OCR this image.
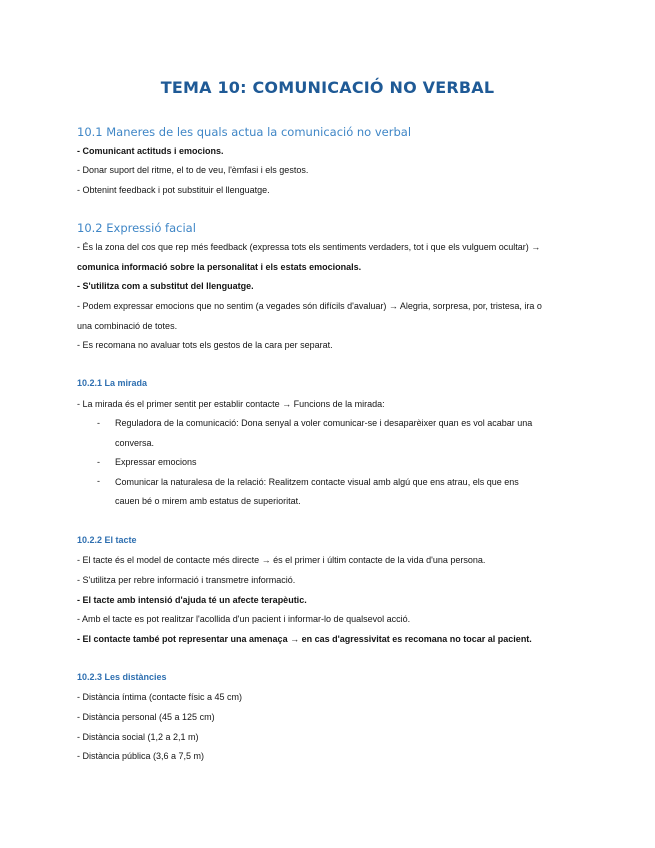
TEMA 10: COMUNICACIÓ NO VERBAL
10.1 Maneres de les quals actua la comunicació no verbal
- Comunicant actituds i emocions.
- Donar suport del ritme, el to de veu, l'èmfasi i els gestos.
- Obtenint feedback i pot substituir el llenguatge.
10.2 Expressió facial
- És la zona del cos que rep més feedback (expressa tots els sentiments verdaders, tot i que els vulguem ocultar) →
comunica informació sobre la personalitat i els estats emocionals.
- S'utilitza com a substitut del llenguatge.
- Podem expressar emocions que no sentim (a vegades són difícils d'avaluar) → Alegria, sorpresa, por, tristesa, ira o
una combinació de totes.
- Es recomana no avaluar tots els gestos de la cara per separat.
10.2.1 La mirada
- La mirada és el primer sentit per establir contacte → Funcions de la mirada:
- Reguladora de la comunicació: Dona senyal a voler comunicar-se i desaparèixer quan es vol acabar una
conversa.
- Expressar emocions
- Comunicar la naturalesa de la relació: Realitzem contacte visual amb algú que ens atrau, els que ens
cauen bé o mirem amb estatus de superioritat.
10.2.2 El tacte
- El tacte és el model de contacte més directe → és el primer i últim contacte de la vida d'una persona.
- S'utilitza per rebre informació i transmetre informació.
- El tacte amb intensió d'ajuda té un afecte terapèutic.
- Amb el tacte es pot realitzar l'acollida d'un pacient i informar-lo de qualsevol acció.
- El contacte també pot representar una amenaça → en cas d'agressivitat es recomana no tocar al pacient.
10.2.3 Les distàncies
- Distància íntima (contacte físic a 45 cm)
- Distància personal (45 a 125 cm)
- Distància social (1,2 a 2,1 m)
- Distància pública (3,6 a 7,5 m)
